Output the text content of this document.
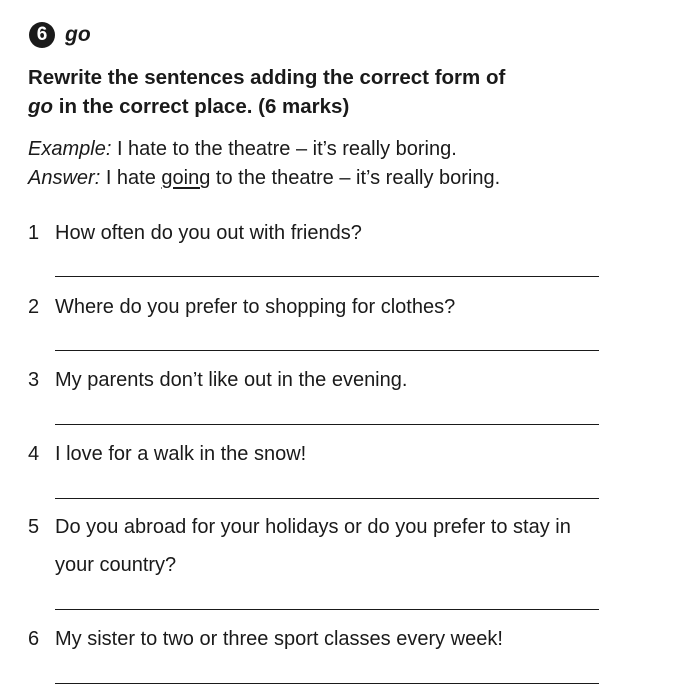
6 go
Rewrite the sentences adding the correct form of
go in the correct place. (6 marks)
Example: I hate to the theatre – it’s really boring.
Answer: I hate going to the theatre – it’s really boring.
1 How often do you out with friends?
2 Where do you prefer to shopping for clothes?
3 My parents don’t like out in the evening.
4 I love for a walk in the snow!
5 Do you abroad for your holidays or do you prefer to stay in your country?
6 My sister to two or three sport classes every week!
